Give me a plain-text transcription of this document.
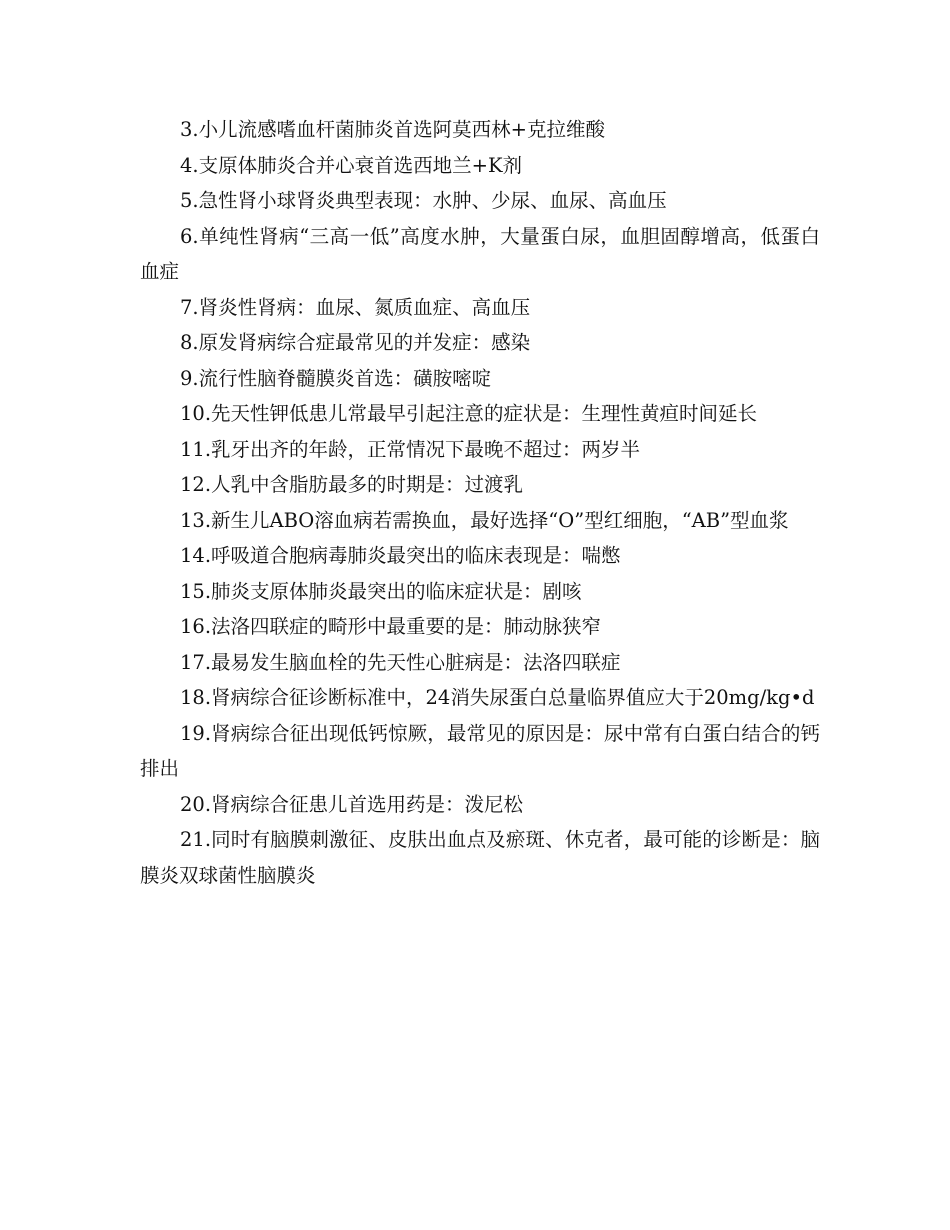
3.小儿流感嗜血杆菌肺炎首选阿莫西林+克拉维酸

4.支原体肺炎合并心衰首选西地兰+K剂

5.急性肾小球肾炎典型表现：水肿、少尿、血尿、高血压

6.单纯性肾病“三高一低”高度水肿，大量蛋白尿，血胆固醇增高，低蛋白血症

7.肾炎性肾病：血尿、氮质血症、高血压

8.原发肾病综合症最常见的并发症：感染

9.流行性脑脊髓膜炎首选：磺胺嘧啶

10.先天性钾低患儿常最早引起注意的症状是：生理性黄疸时间延长

11.乳牙出齐的年龄，正常情况下最晚不超过：两岁半

12.人乳中含脂肪最多的时期是：过渡乳

13.新生儿ABO溶血病若需换血，最好选择“O”型红细胞，“AB”型血浆

14.呼吸道合胞病毒肺炎最突出的临床表现是：喘憋

15.肺炎支原体肺炎最突出的临床症状是：剧咳

16.法洛四联症的畸形中最重要的是：肺动脉狭窄

17.最易发生脑血栓的先天性心脏病是：法洛四联症

18.肾病综合征诊断标准中，24消失尿蛋白总量临界值应大于20mg/kg•d

19.肾病综合征出现低钙惊厥，最常见的原因是：尿中常有白蛋白结合的钙排出

20.肾病综合征患儿首选用药是：泼尼松

21.同时有脑膜刺激征、皮肤出血点及瘀斑、休克者，最可能的诊断是：脑膜炎双球菌性脑膜炎
